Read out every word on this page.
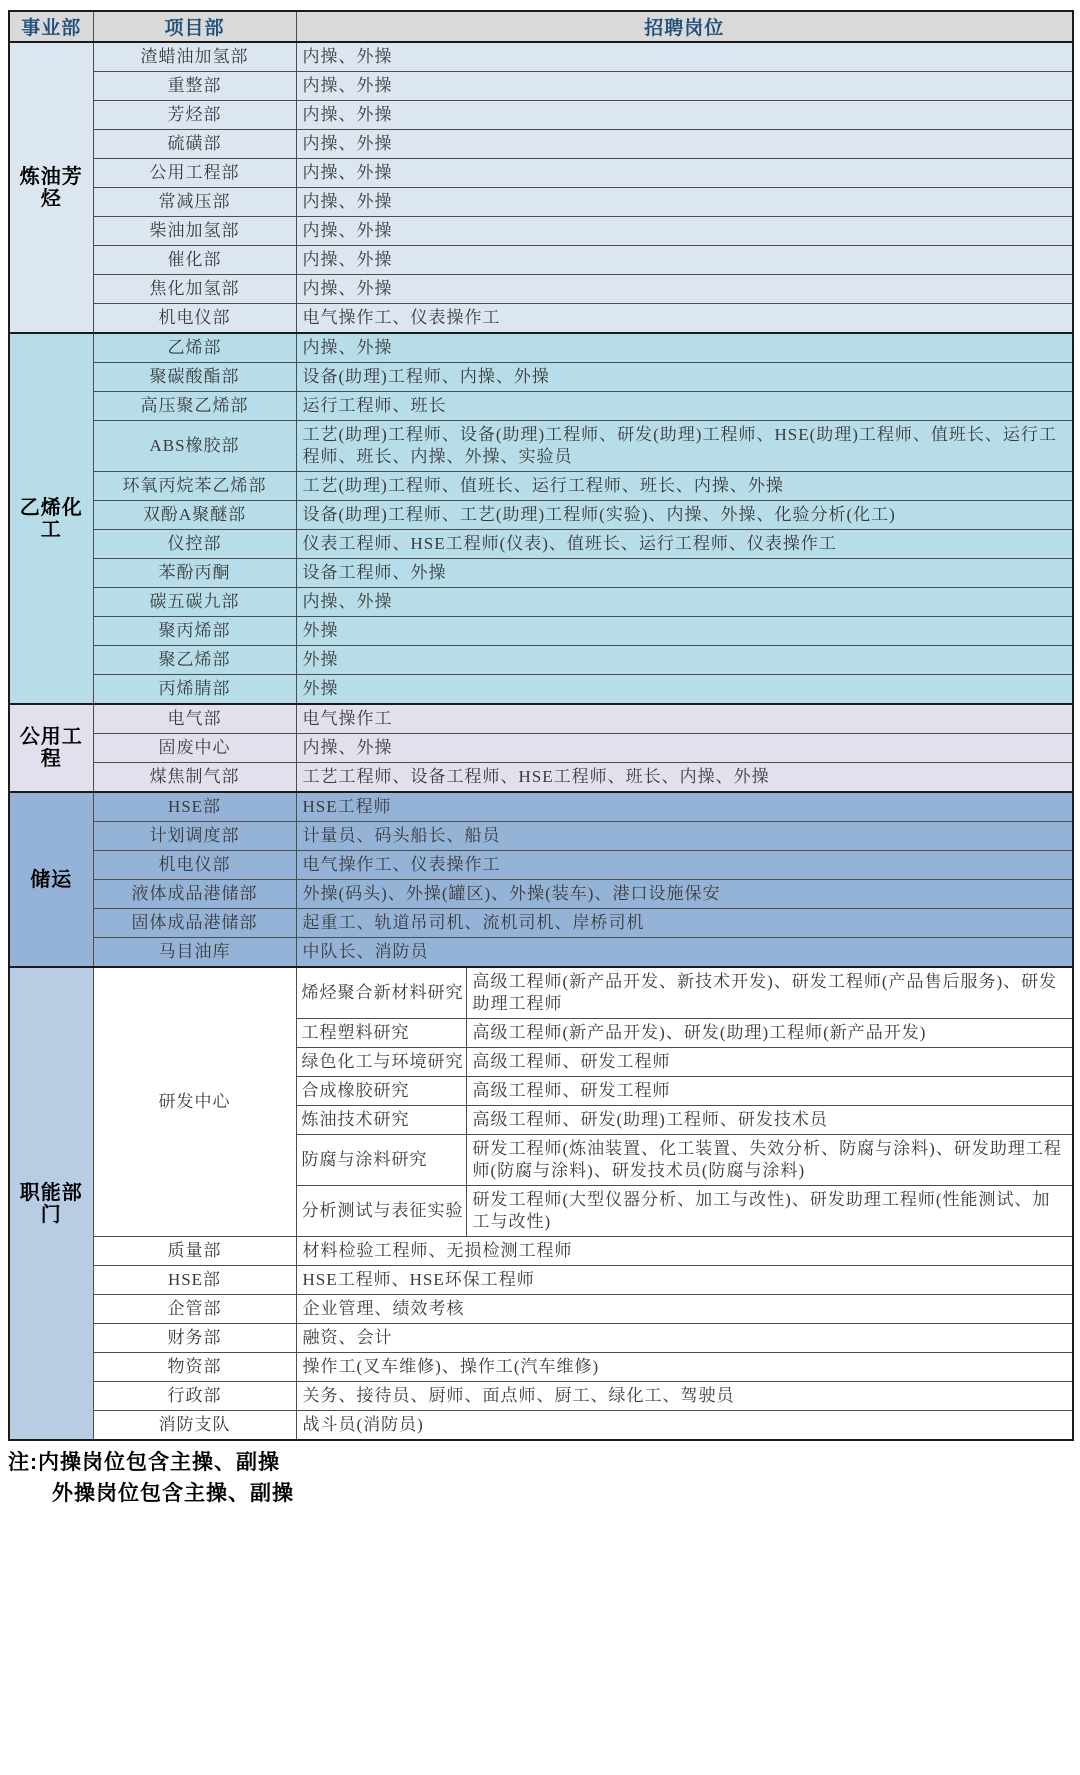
事业部	项目部	招聘岗位	
炼油芳烃	渣蜡油加氢部	内操、外操	
	重整部	内操、外操	
	芳烃部	内操、外操	
	硫磺部	内操、外操	
	公用工程部	内操、外操	
	常减压部	内操、外操	
	柴油加氢部	内操、外操	
	催化部	内操、外操	
	焦化加氢部	内操、外操	
	机电仪部	电气操作工、仪表操作工	
乙烯化工	乙烯部	内操、外操	
	聚碳酸酯部	设备(助理)工程师、内操、外操	
	高压聚乙烯部	运行工程师、班长	
	ABS橡胶部	工艺(助理)工程师、设备(助理)工程师、研发(助理)工程师、HSE(助理)工程师、值班长、运行工程师、班长、内操、外操、实验员	
	环氧丙烷苯乙烯部	工艺(助理)工程师、值班长、运行工程师、班长、内操、外操	
	双酚A聚醚部	设备(助理)工程师、工艺(助理)工程师(实验)、内操、外操、化验分析(化工)	
	仪控部	仪表工程师、HSE工程师(仪表)、值班长、运行工程师、仪表操作工	
	苯酚丙酮	设备工程师、外操	
	碳五碳九部	内操、外操	
	聚丙烯部	外操	
	聚乙烯部	外操	
	丙烯腈部	外操	
公用工程	电气部	电气操作工	
	固废中心	内操、外操	
	煤焦制气部	工艺工程师、设备工程师、HSE工程师、班长、内操、外操	
储运	HSE部	HSE工程师	
	计划调度部	计量员、码头船长、船员	
	机电仪部	电气操作工、仪表操作工	
	液体成品港储部	外操(码头)、外操(罐区)、外操(装车)、港口设施保安	
	固体成品港储部	起重工、轨道吊司机、流机司机、岸桥司机	
	马目油库	中队长、消防员	
职能部门	研发中心	烯烃聚合新材料研究	高级工程师(新产品开发、新技术开发)、研发工程师(产品售后服务)、研发助理工程师
		工程塑料研究	高级工程师(新产品开发)、研发(助理)工程师(新产品开发)
		绿色化工与环境研究	高级工程师、研发工程师
		合成橡胶研究	高级工程师、研发工程师
		炼油技术研究	高级工程师、研发(助理)工程师、研发技术员
		防腐与涂料研究	研发工程师(炼油装置、化工装置、失效分析、防腐与涂料)、研发助理工程师(防腐与涂料)、研发技术员(防腐与涂料)
		分析测试与表征实验	研发工程师(大型仪器分析、加工与改性)、研发助理工程师(性能测试、加工与改性)
	质量部	材料检验工程师、无损检测工程师	
	HSE部	HSE工程师、HSE环保工程师	
	企管部	企业管理、绩效考核	
	财务部	融资、会计	
	物资部	操作工(叉车维修)、操作工(汽车维修)	
	行政部	关务、接待员、厨师、面点师、厨工、绿化工、驾驶员	
	消防支队	战斗员(消防员)	
注:内操岗位包含主操、副操
外操岗位包含主操、副操
